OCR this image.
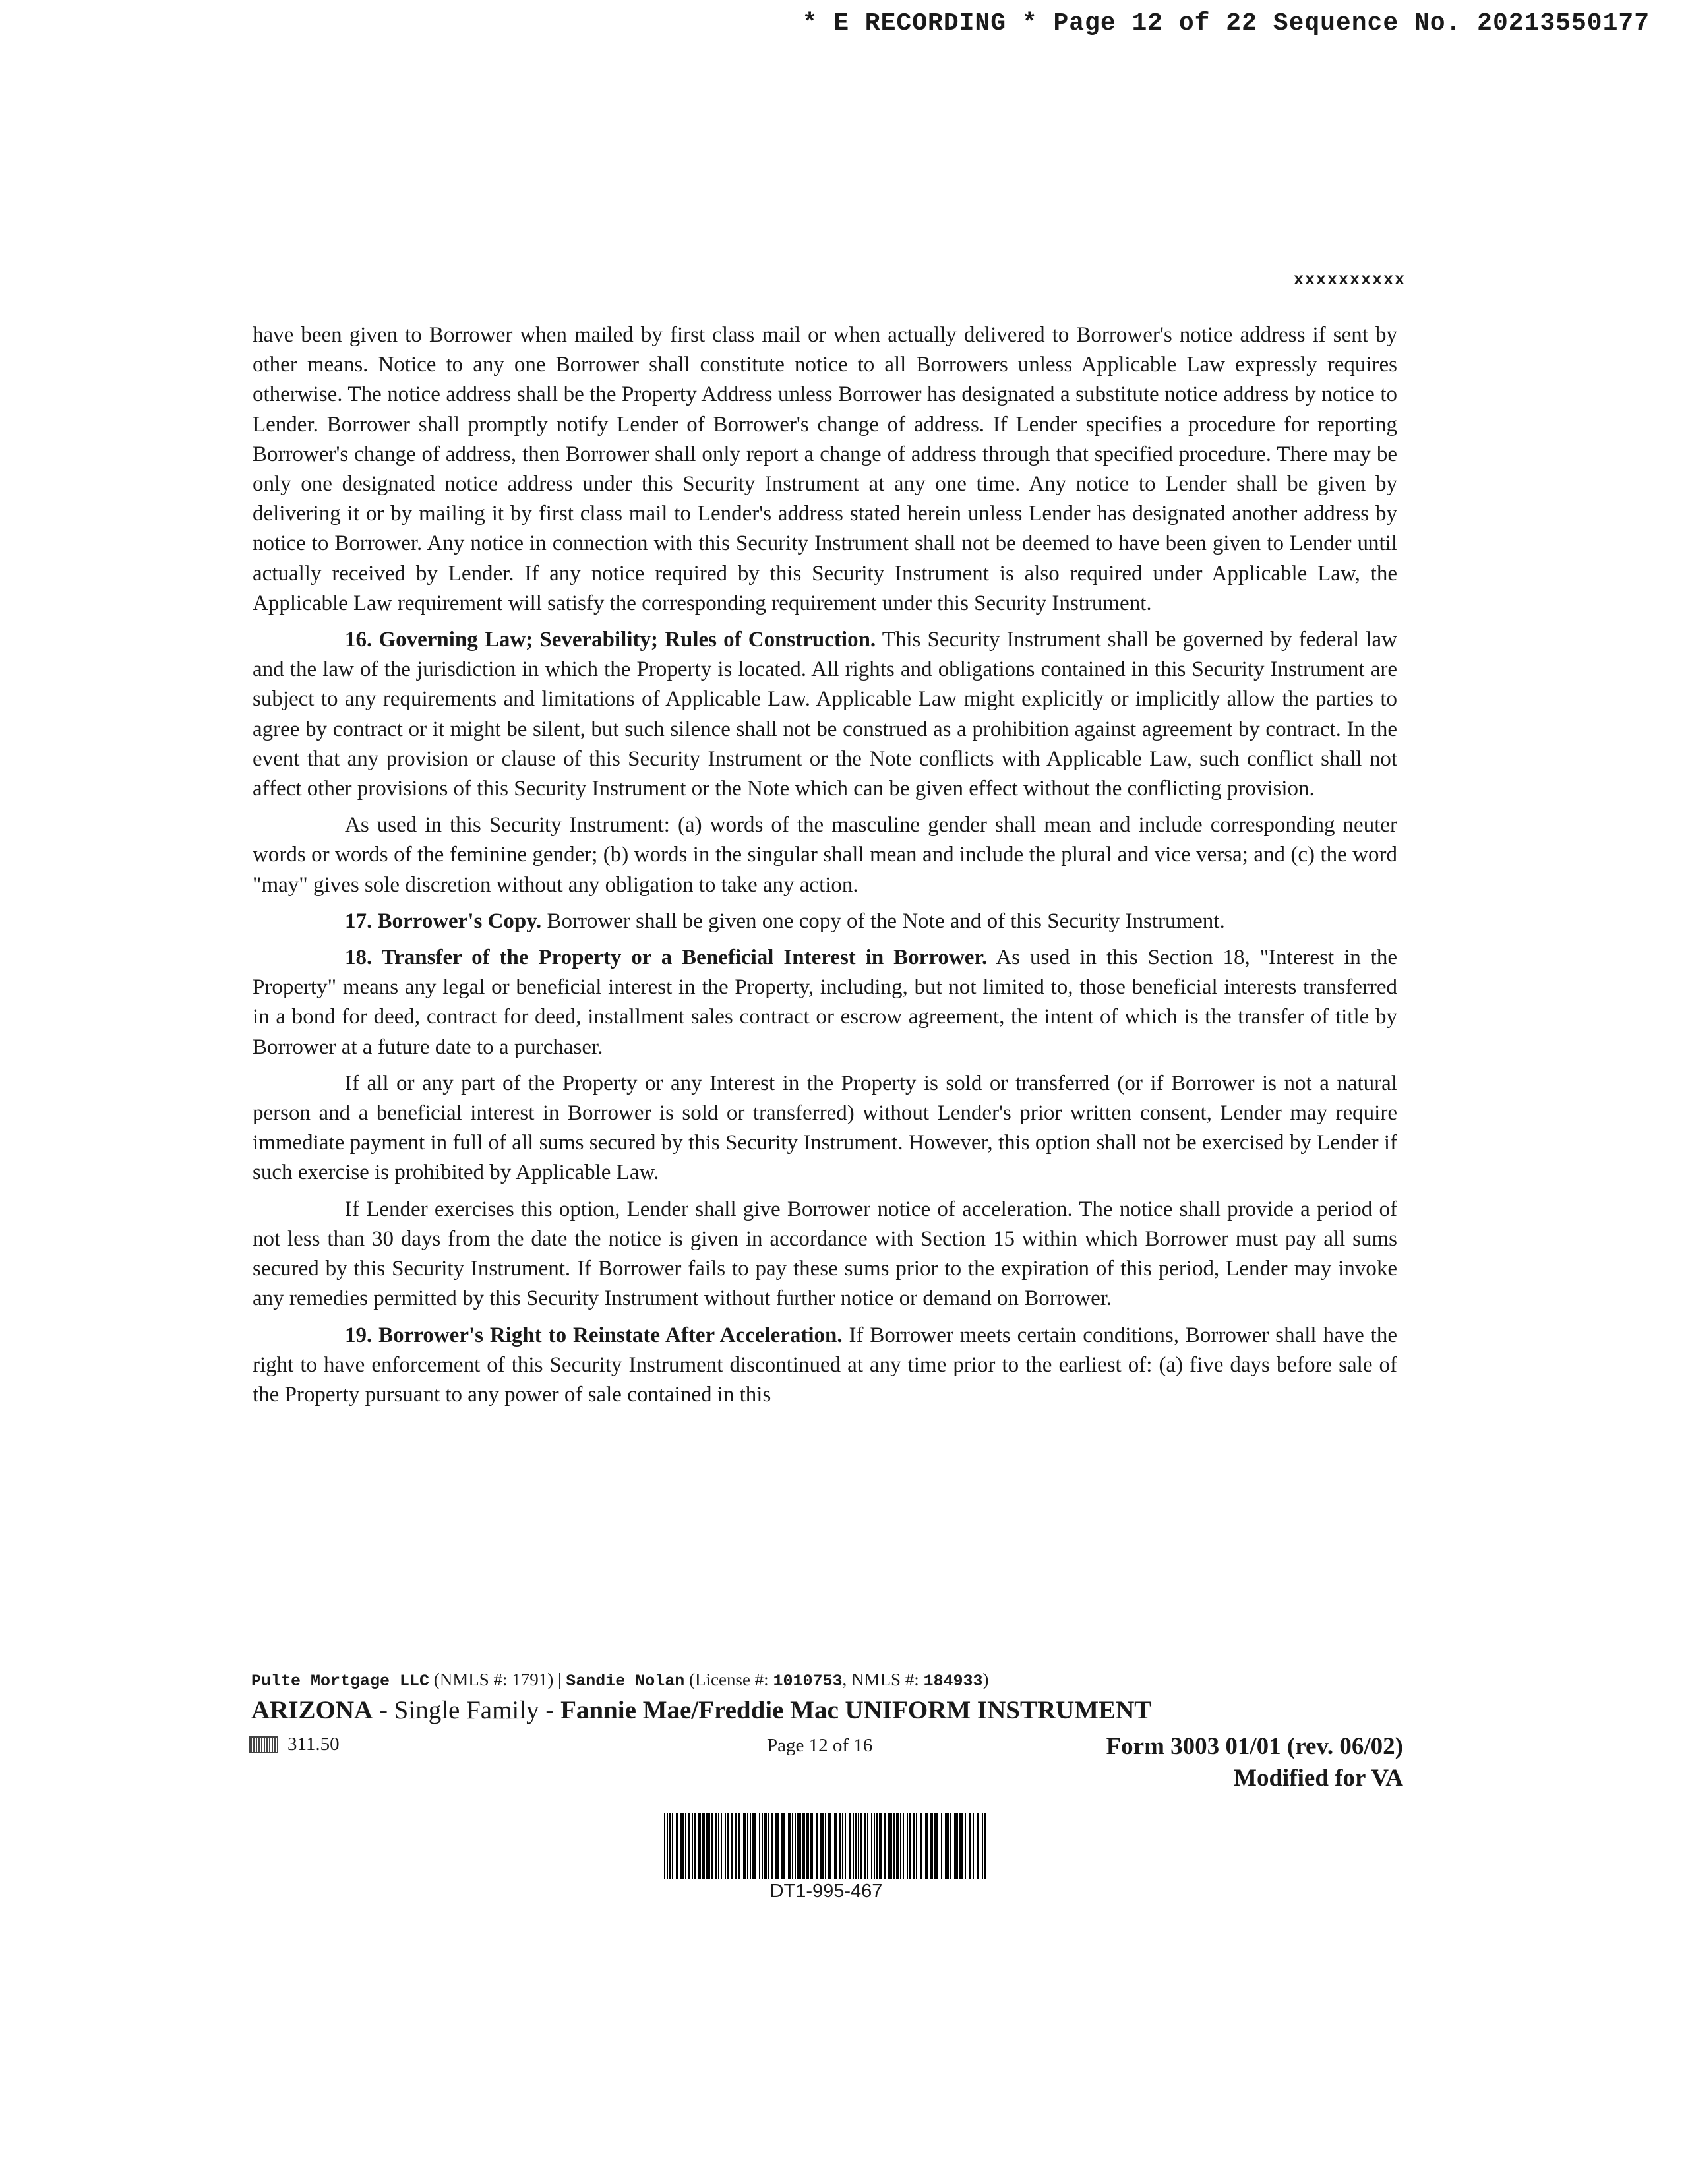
* E RECORDING * Page 12 of 22 Sequence No. 20213550177
xxxxxxxxxx

have been given to Borrower when mailed by first class mail or when actually delivered to Borrower's notice address if sent by other means. Notice to any one Borrower shall constitute notice to all Borrowers unless Applicable Law expressly requires otherwise. The notice address shall be the Property Address unless Borrower has designated a substitute notice address by notice to Lender. Borrower shall promptly notify Lender of Borrower's change of address. If Lender specifies a procedure for reporting Borrower's change of address, then Borrower shall only report a change of address through that specified procedure. There may be only one designated notice address under this Security Instrument at any one time. Any notice to Lender shall be given by delivering it or by mailing it by first class mail to Lender's address stated herein unless Lender has designated another address by notice to Borrower. Any notice in connection with this Security Instrument shall not be deemed to have been given to Lender until actually received by Lender. If any notice required by this Security Instrument is also required under Applicable Law, the Applicable Law requirement will satisfy the corresponding requirement under this Security Instrument.

16. Governing Law; Severability; Rules of Construction. This Security Instrument shall be governed by federal law and the law of the jurisdiction in which the Property is located. All rights and obligations contained in this Security Instrument are subject to any requirements and limitations of Applicable Law. Applicable Law might explicitly or implicitly allow the parties to agree by contract or it might be silent, but such silence shall not be construed as a prohibition against agreement by contract. In the event that any provision or clause of this Security Instrument or the Note conflicts with Applicable Law, such conflict shall not affect other provisions of this Security Instrument or the Note which can be given effect without the conflicting provision.

As used in this Security Instrument: (a) words of the masculine gender shall mean and include corresponding neuter words or words of the feminine gender; (b) words in the singular shall mean and include the plural and vice versa; and (c) the word "may" gives sole discretion without any obligation to take any action.

17. Borrower's Copy. Borrower shall be given one copy of the Note and of this Security Instrument.

18. Transfer of the Property or a Beneficial Interest in Borrower. As used in this Section 18, "Interest in the Property" means any legal or beneficial interest in the Property, including, but not limited to, those beneficial interests transferred in a bond for deed, contract for deed, installment sales contract or escrow agreement, the intent of which is the transfer of title by Borrower at a future date to a purchaser.

If all or any part of the Property or any Interest in the Property is sold or transferred (or if Borrower is not a natural person and a beneficial interest in Borrower is sold or transferred) without Lender's prior written consent, Lender may require immediate payment in full of all sums secured by this Security Instrument. However, this option shall not be exercised by Lender if such exercise is prohibited by Applicable Law.

If Lender exercises this option, Lender shall give Borrower notice of acceleration. The notice shall provide a period of not less than 30 days from the date the notice is given in accordance with Section 15 within which Borrower must pay all sums secured by this Security Instrument. If Borrower fails to pay these sums prior to the expiration of this period, Lender may invoke any remedies permitted by this Security Instrument without further notice or demand on Borrower.

19. Borrower's Right to Reinstate After Acceleration. If Borrower meets certain conditions, Borrower shall have the right to have enforcement of this Security Instrument discontinued at any time prior to the earliest of: (a) five days before sale of the Property pursuant to any power of sale contained in this

Pulte Mortgage LLC (NMLS #: 1791) | Sandie Nolan (License #: 1010753, NMLS #: 184933)
ARIZONA - Single Family - Fannie Mae/Freddie Mac UNIFORM INSTRUMENT
311.50	Page 12 of 16	Form 3003 01/01 (rev. 06/02)
Modified for VA
DT1-995-467
